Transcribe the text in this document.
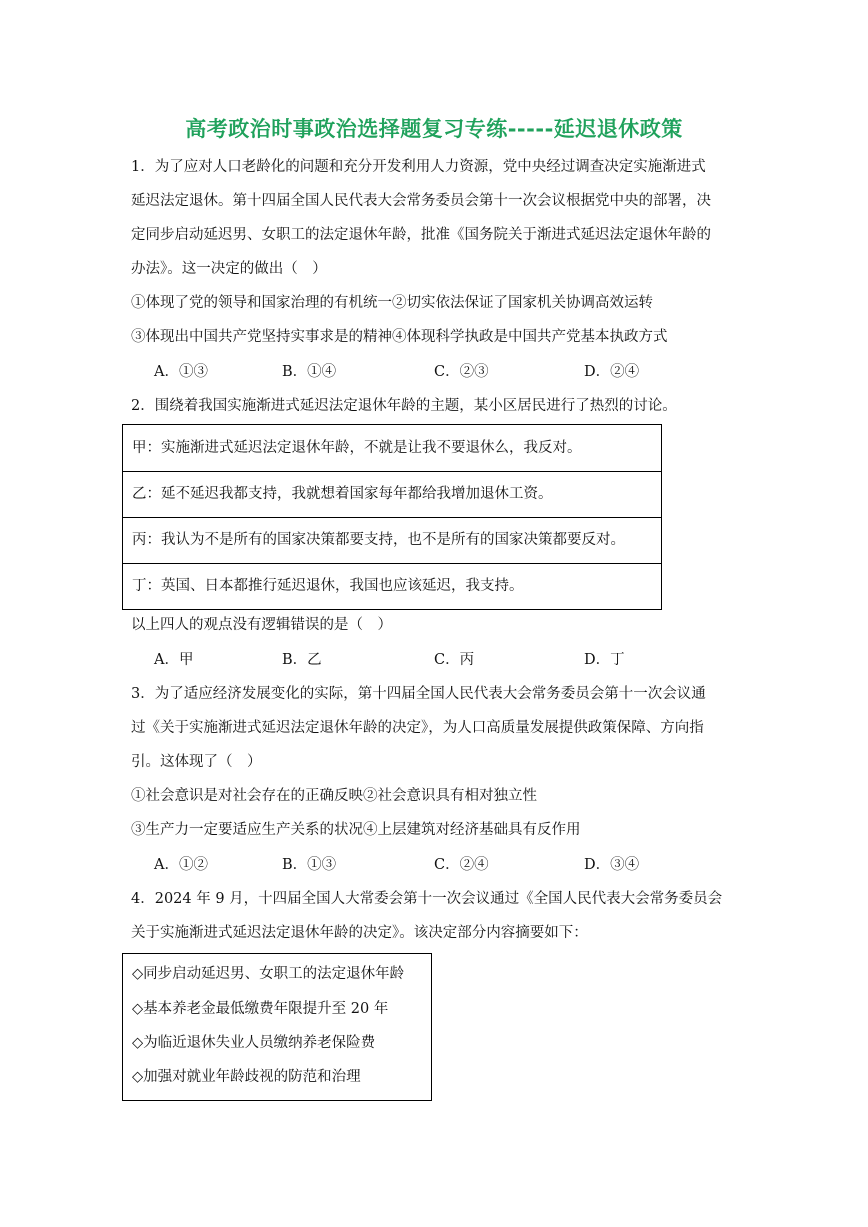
高考政治时事政治选择题复习专练-----延迟退休政策
1．为了应对人口老龄化的问题和充分开发利用人力资源，党中央经过调查决定实施渐进式
延迟法定退休。第十四届全国人民代表大会常务委员会第十一次会议根据党中央的部署，决
定同步启动延迟男、女职工的法定退休年龄，批准《国务院关于渐进式延迟法定退休年龄的
办法》。这一决定的做出（　）
①体现了党的领导和国家治理的有机统一②切实依法保证了国家机关协调高效运转
③体现出中国共产党坚持实事求是的精神④体现科学执政是中国共产党基本执政方式
A．①③	B．①④	C．②③	D．②④
2．围绕着我国实施渐进式延迟法定退休年龄的主题，某小区居民进行了热烈的讨论。
甲：实施渐进式延迟法定退休年龄，不就是让我不要退休么，我反对。
乙：延不延迟我都支持，我就想着国家每年都给我增加退休工资。
丙：我认为不是所有的国家决策都要支持，也不是所有的国家决策都要反对。
丁：英国、日本都推行延迟退休，我国也应该延迟，我支持。
以上四人的观点没有逻辑错误的是（　）
A．甲	B．乙	C．丙	D．丁
3．为了适应经济发展变化的实际，第十四届全国人民代表大会常务委员会第十一次会议通
过《关于实施渐进式延迟法定退休年龄的决定》，为人口高质量发展提供政策保障、方向指
引。这体现了（　）
①社会意识是对社会存在的正确反映②社会意识具有相对独立性
③生产力一定要适应生产关系的状况④上层建筑对经济基础具有反作用
A．①②	B．①③	C．②④	D．③④
4．2024 年 9 月，十四届全国人大常委会第十一次会议通过《全国人民代表大会常务委员会
关于实施渐进式延迟法定退休年龄的决定》。该决定部分内容摘要如下：
◇同步启动延迟男、女职工的法定退休年龄
◇基本养老金最低缴费年限提升至 20 年
◇为临近退休失业人员缴纳养老保险费
◇加强对就业年龄歧视的防范和治理
